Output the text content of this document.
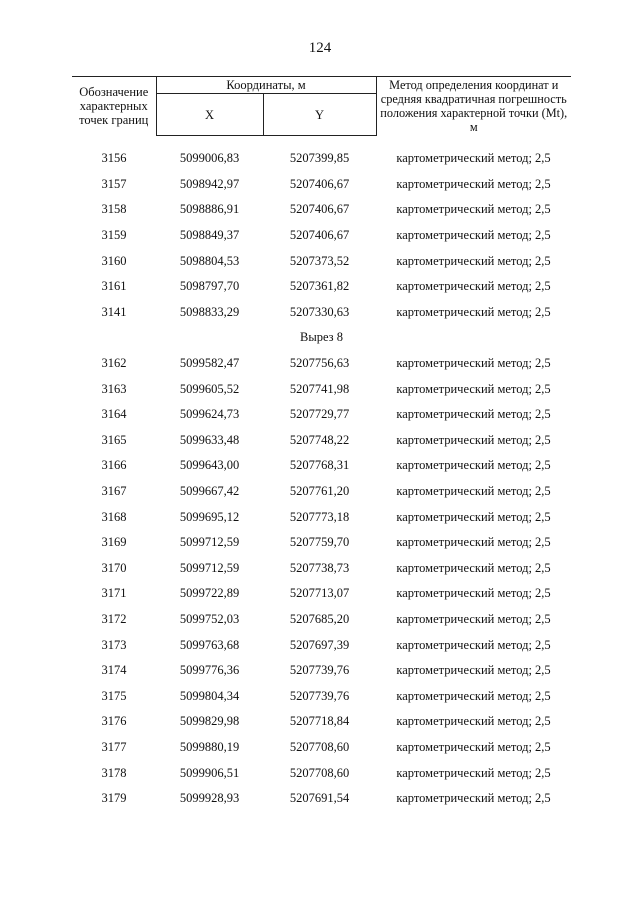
124
Обозначение характерных точек границ	Координаты, м		Метод определения координат и средняя квадратичная погрешность положения характерной точки (Mt), м
	X	Y	

3156	5099006,83	5207399,85	картометрический метод; 2,5
3157	5098942,97	5207406,67	картометрический метод; 2,5
3158	5098886,91	5207406,67	картометрический метод; 2,5
3159	5098849,37	5207406,67	картометрический метод; 2,5
3160	5098804,53	5207373,52	картометрический метод; 2,5
3161	5098797,70	5207361,82	картометрический метод; 2,5
3141	5098833,29	5207330,63	картометрический метод; 2,5
Вырез 8			
3162	5099582,47	5207756,63	картометрический метод; 2,5
3163	5099605,52	5207741,98	картометрический метод; 2,5
3164	5099624,73	5207729,77	картометрический метод; 2,5
3165	5099633,48	5207748,22	картометрический метод; 2,5
3166	5099643,00	5207768,31	картометрический метод; 2,5
3167	5099667,42	5207761,20	картометрический метод; 2,5
3168	5099695,12	5207773,18	картометрический метод; 2,5
3169	5099712,59	5207759,70	картометрический метод; 2,5
3170	5099712,59	5207738,73	картометрический метод; 2,5
3171	5099722,89	5207713,07	картометрический метод; 2,5
3172	5099752,03	5207685,20	картометрический метод; 2,5
3173	5099763,68	5207697,39	картометрический метод; 2,5
3174	5099776,36	5207739,76	картометрический метод; 2,5
3175	5099804,34	5207739,76	картометрический метод; 2,5
3176	5099829,98	5207718,84	картометрический метод; 2,5
3177	5099880,19	5207708,60	картометрический метод; 2,5
3178	5099906,51	5207708,60	картометрический метод; 2,5
3179	5099928,93	5207691,54	картометрический метод; 2,5
